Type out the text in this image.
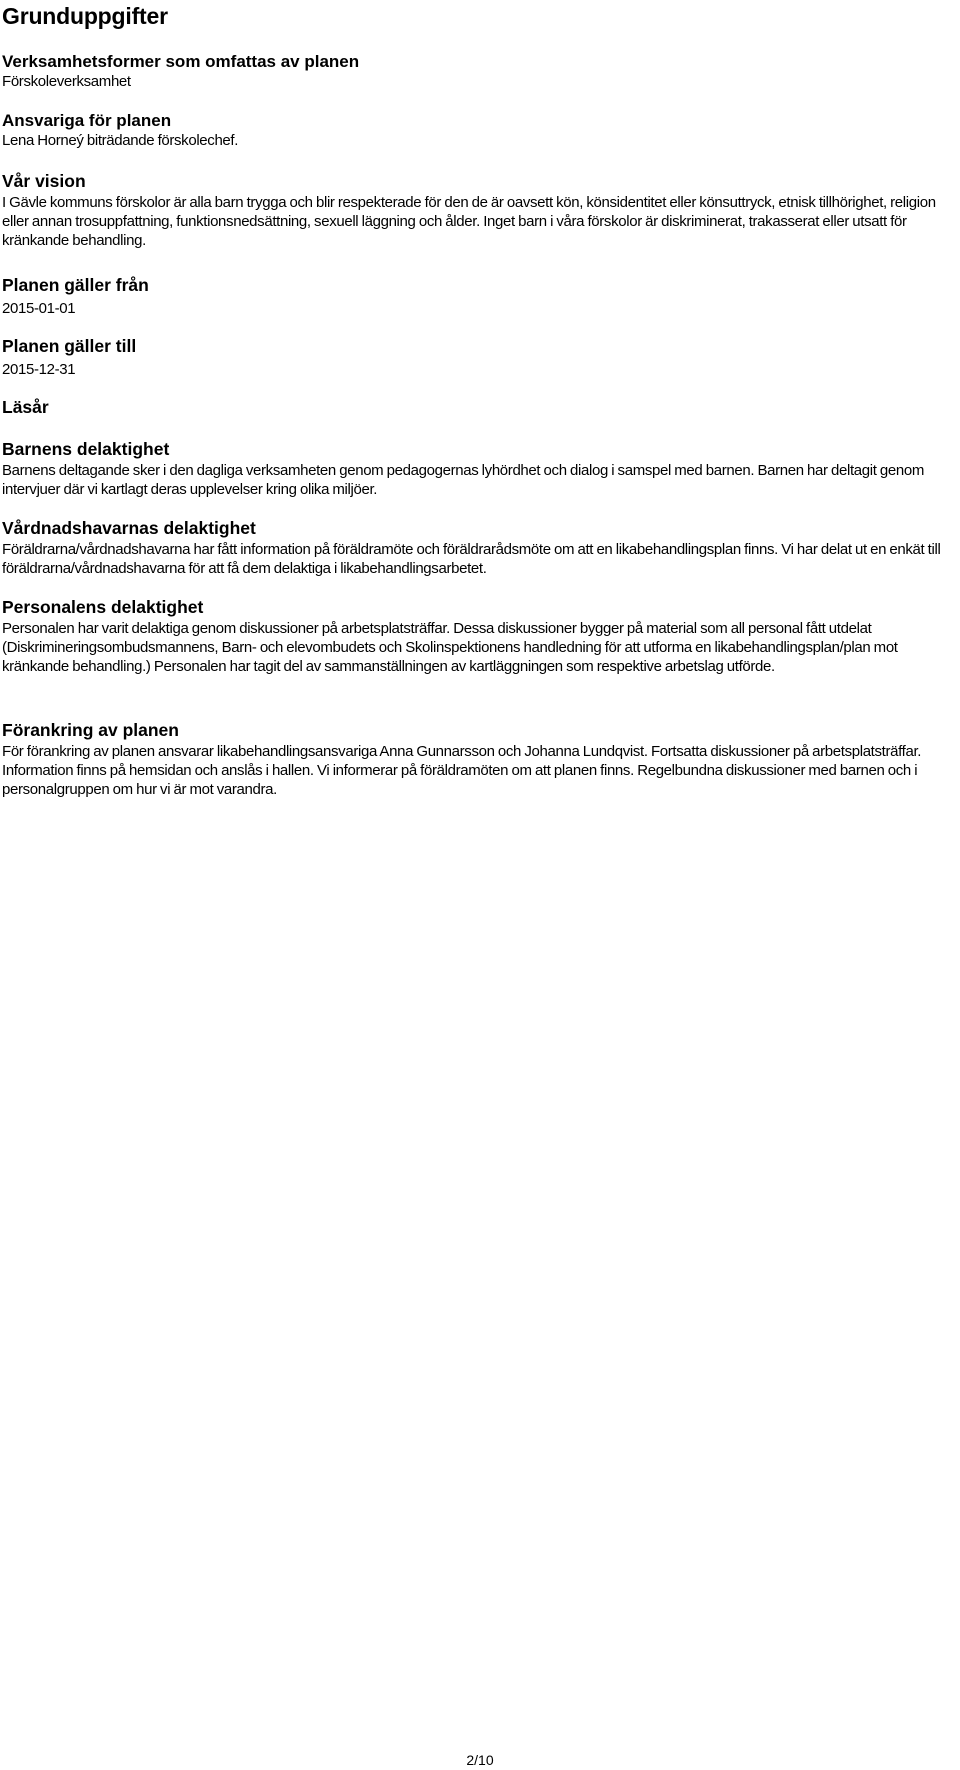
Grunduppgifter
Verksamhetsformer som omfattas av planen

Förskoleverksamhet

Ansvariga för planen

Lena Horneý biträdande förskolechef.

Vår vision

I Gävle kommuns förskolor är alla barn trygga och blir respekterade för den de är oavsett kön, könsidentitet eller könsuttryck, etnisk tillhörighet, religion eller annan trosuppfattning, funktionsnedsättning, sexuell läggning och ålder. Inget barn i våra förskolor är diskriminerat, trakasserat eller utsatt för kränkande behandling.

Planen gäller från

2015-01-01

Planen gäller till

2015-12-31

Läsår

Barnens delaktighet

Barnens deltagande sker i den dagliga verksamheten genom pedagogernas lyhördhet och dialog i samspel med barnen. Barnen har deltagit genom intervjuer där vi kartlagt deras upplevelser kring olika miljöer.

Vårdnadshavarnas delaktighet

Föräldrarna/vårdnadshavarna har fått information på föräldramöte och föräldrarådsmöte om att en likabehandlingsplan finns. Vi har delat ut en enkät till föräldrarna/vårdnadshavarna för att få dem delaktiga i likabehandlingsarbetet.

Personalens delaktighet

Personalen har varit delaktiga genom diskussioner på arbetsplatsträffar. Dessa diskussioner bygger på material som all personal fått utdelat (Diskrimineringsombudsmannens, Barn- och elevombudets och Skolinspektionens handledning för att utforma en likabehandlingsplan/plan mot kränkande behandling.) Personalen har tagit del av sammanställningen av kartläggningen som respektive arbetslag utförde.

Förankring av planen

För förankring av planen ansvarar likabehandlingsansvariga Anna Gunnarsson och Johanna Lundqvist. Fortsatta diskussioner på arbetsplatsträffar. Information finns på hemsidan och anslås i hallen. Vi informerar på föräldramöten om att planen finns. Regelbundna diskussioner med barnen och i personalgruppen om hur vi är mot varandra.

2/10
